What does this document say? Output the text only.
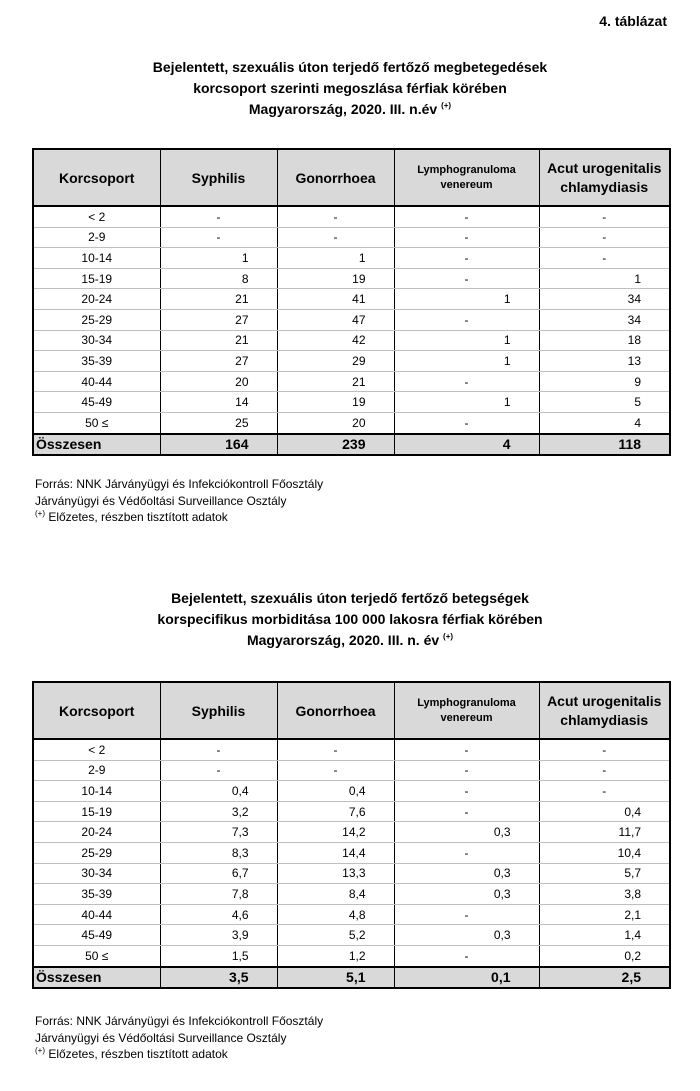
4. táblázat
Bejelentett, szexuális úton terjedő fertőző megbetegedések
korcsoport szerinti megoszlása férfiak körében
Magyarország, 2020. III. n.év (+)
Korcsoport	Syphilis	Gonorrhoea	Lymphogranuloma venereum	Acut urogenitalis chlamydiasis
< 2	-	-	-	-
2-9	-	-	-	-
10-14	1	1	-	-
15-19	8	19	-	1
20-24	21	41	1	34
25-29	27	47	-	34
30-34	21	42	1	18
35-39	27	29	1	13
40-44	20	21	-	9
45-49	14	19	1	5
50 ≤	25	20	-	4
Összesen	164	239	4	118
Forrás: NNK Járványügyi és Infekciókontroll Főosztály
Járványügyi és Védőoltási Surveillance Osztály
(+) Előzetes, részben tisztított adatok
Bejelentett, szexuális úton terjedő fertőző betegségek
korspecifikus morbiditása 100 000 lakosra férfiak körében
Magyarország, 2020. III. n. év (+)
Korcsoport	Syphilis	Gonorrhoea	Lymphogranuloma venereum	Acut urogenitalis chlamydiasis
< 2	-	-	-	-
2-9	-	-	-	-
10-14	0,4	0,4	-	-
15-19	3,2	7,6	-	0,4
20-24	7,3	14,2	0,3	11,7
25-29	8,3	14,4	-	10,4
30-34	6,7	13,3	0,3	5,7
35-39	7,8	8,4	0,3	3,8
40-44	4,6	4,8	-	2,1
45-49	3,9	5,2	0,3	1,4
50 ≤	1,5	1,2	-	0,2
Összesen	3,5	5,1	0,1	2,5
Forrás: NNK Járványügyi és Infekciókontroll Főosztály
Járványügyi és Védőoltási Surveillance Osztály
(+) Előzetes, részben tisztított adatok
